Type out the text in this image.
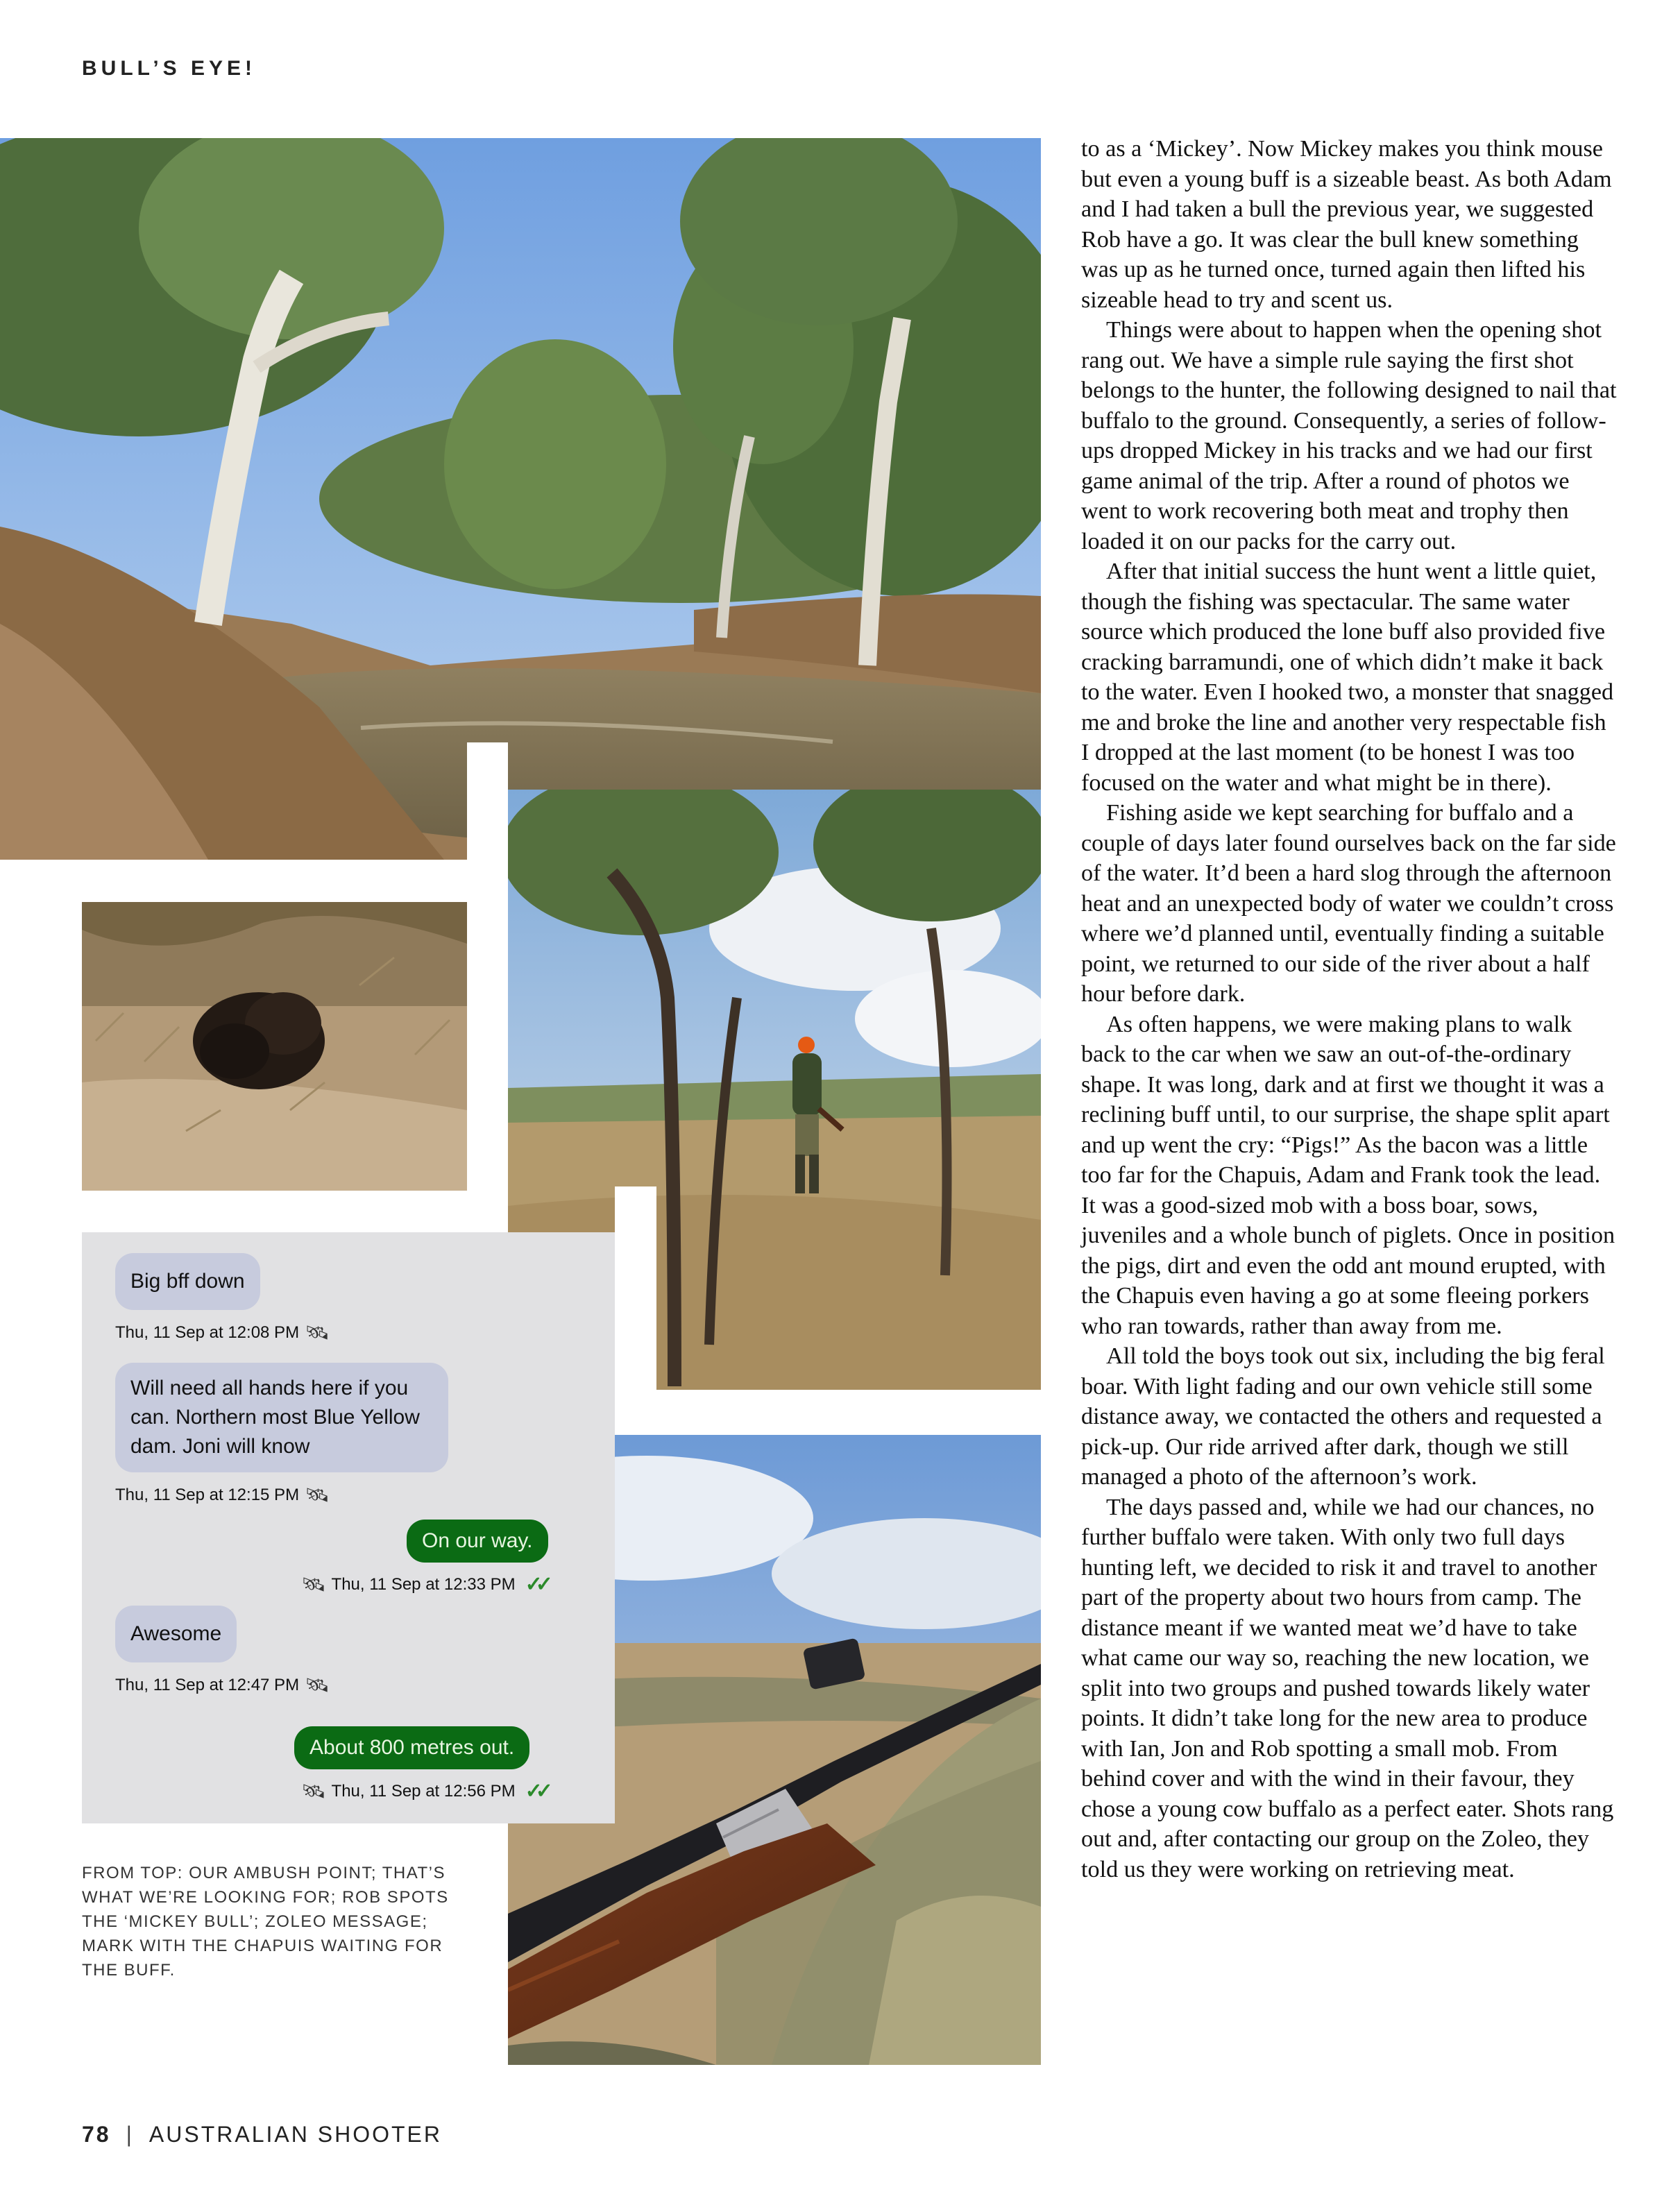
BULL’S EYE!
Big bff down
Thu, 11 Sep at 12:08 PM 🛰
Will need all hands here if you can. Northern most Blue Yellow dam. Joni will know
Thu, 11 Sep at 12:15 PM 🛰
On our way.
🛰 Thu, 11 Sep at 12:33 PM ✓✓
Awesome
Thu, 11 Sep at 12:47 PM 🛰
About 800 metres out.
🛰 Thu, 11 Sep at 12:56 PM ✓✓
FROM TOP: OUR AMBUSH POINT; THAT’S WHAT WE’RE LOOKING FOR; ROB SPOTS THE ‘MICKEY BULL’; ZOLEO MESSAGE; MARK WITH THE CHAPUIS WAITING FOR THE BUFF.

to as a ‘Mickey’. Now Mickey makes you think mouse but even a young buff is a sizeable beast. As both Adam and I had taken a bull the previous year, we suggested Rob have a go. It was clear the bull knew something was up as he turned once, turned again then lifted his sizeable head to try and scent us.

Things were about to happen when the opening shot rang out. We have a simple rule saying the first shot belongs to the hunter, the following designed to nail that buffalo to the ground. Consequently, a series of follow-ups dropped Mickey in his tracks and we had our first game animal of the trip. After a round of photos we went to work recovering both meat and trophy then loaded it on our packs for the carry out.

After that initial success the hunt went a little quiet, though the fishing was spectacular. The same water source which produced the lone buff also provided five cracking barramundi, one of which didn’t make it back to the water. Even I hooked two, a monster that snagged me and broke the line and another very respectable fish I dropped at the last moment (to be honest I was too focused on the water and what might be in there).

Fishing aside we kept searching for buffalo and a couple of days later found ourselves back on the far side of the water. It’d been a hard slog through the afternoon heat and an unexpected body of water we couldn’t cross where we’d planned until, eventually finding a suitable point, we returned to our side of the river about a half hour before dark.

As often happens, we were making plans to walk back to the car when we saw an out-of-the-ordinary shape. It was long, dark and at first we thought it was a reclining buff until, to our surprise, the shape split apart and up went the cry: “Pigs!” As the bacon was a little too far for the Chapuis, Adam and Frank took the lead. It was a good-sized mob with a boss boar, sows, juveniles and a whole bunch of piglets. Once in position the pigs, dirt and even the odd ant mound erupted, with the Chapuis even having a go at some fleeing porkers who ran towards, rather than away from me.

All told the boys took out six, including the big feral boar. With light fading and our own vehicle still some distance away, we contacted the others and requested a pick-up. Our ride arrived after dark, though we still managed a photo of the afternoon’s work.

The days passed and, while we had our chances, no further buffalo were taken. With only two full days hunting left, we decided to risk it and travel to another part of the property about two hours from camp. The distance meant if we wanted meat we’d have to take what came our way so, reaching the new location, we split into two groups and pushed towards likely water points. It didn’t take long for the new area to produce with Ian, Jon and Rob spotting a small mob. From behind cover and with the wind in their favour, they chose a young cow buffalo as a perfect eater. Shots rang out and, after contacting our group on the Zoleo, they told us they were working on retrieving meat.

78 | AUSTRALIAN SHOOTER
